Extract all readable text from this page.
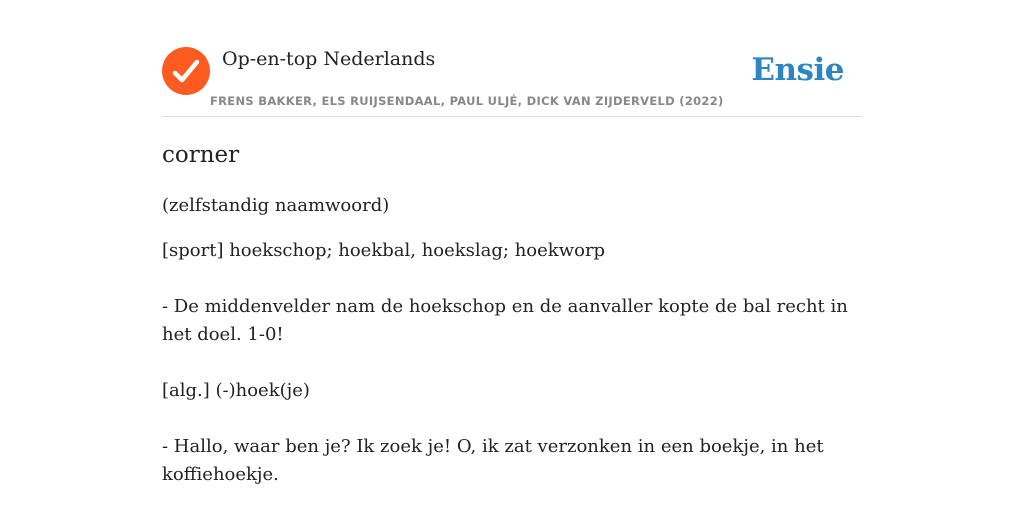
Op-en-top Nederlands
FRENS BAKKER, ELS RUIJSENDAAL, PAUL ULJÉ, DICK VAN ZIJDERVELD (2022)
Ensie
corner

(zelfstandig naamwoord)

[sport] hoekschop; hoekbal, hoekslag; hoekworp

- De middenvelder nam de hoekschop en de aanvaller kopte de bal recht in het doel. 1-0!

[alg.] (-)hoek(je)

- Hallo, waar ben je? Ik zoek je! O, ik zat verzonken in een boekje, in het koffiehoekje.
